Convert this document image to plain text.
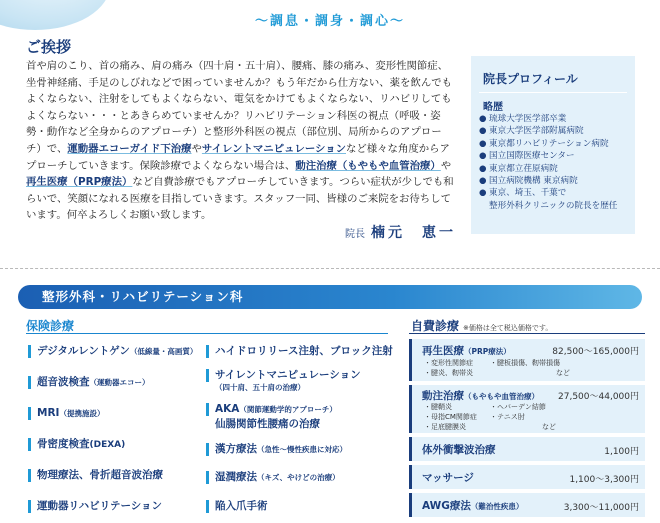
～調息・調身・調心～
ご挨拶
首や肩のこり、首の痛み、肩の痛み（四十肩・五十肩）、腰痛、膝の痛み、変形性関節症、坐骨神経痛、手足のしびれなどで困っていませんか？もう年だから仕方ない、薬を飲んでもよくならない、注射をしてもよくならない、電気をかけてもよくならない、リハビリしてもよくならない・・・とあきらめていませんか？リハビリテーション科医の視点（呼吸・姿勢・動作など全身からのアプローチ）と整形外科医の視点（部位別、局所からのアプローチ）で、運動器エコーガイド下治療やサイレントマニピュレーションなど様々な角度からアプローチしていきます。保険診療でよくならない場合は、動注治療（もやもや血管治療）や再生医療（PRP療法）など自費診療でもアプローチしていきます。つらい症状が少しでも和らいで、笑顔になれる医療を目指していきます。スタッフ一同、皆様のご来院をお待ちしています。何卒よろしくお願い致します。
院長 楠元　恵一
院長プロフィール
略歴
● 琉球大学医学部卒業
● 東京大学医学部附属病院
● 東京都リハビリテーション病院
● 国立国際医療センター
● 東京都立荏原病院
● 国立病院機構 東京病院
● 東京、埼玉、千葉で
整形外科クリニックの院長を歴任
整形外科・リハビリテーション科
保険診療
デジタルレントゲン（低線量・高画質）
超音波検査（運動器エコー）
MRI（提携施設）
骨密度検査(DEXA)
物理療法、骨折超音波治療
運動器リハビリテーション
ハイドロリリース注射、ブロック注射
サイレントマニピュレーション
（四十肩、五十肩の治療）
AKA（関節運動学的アプローチ）
仙腸関節性腰痛の治療
漢方療法（急性〜慢性疾患に対応）
湿潤療法（キズ、やけどの治療）
陥入爪手術
自費診療 ※価格は全て税込価格です。
再生医療（PRP療法）	82,500〜165,000円
・変形性関節症 ・腱板損傷、靭帯損傷
・腱炎、靭帯炎	など
動注治療（もやもや血管治療） 27,500〜44,000円
・腱鞘炎	・ヘバーデン結節
・母指CM関節症 ・テニス肘
・足底腱膜炎	など
体外衝撃波治療	1,100円
マッサージ	1,100〜3,300円
AWG療法（難治性疾患）	3,300〜11,000円
